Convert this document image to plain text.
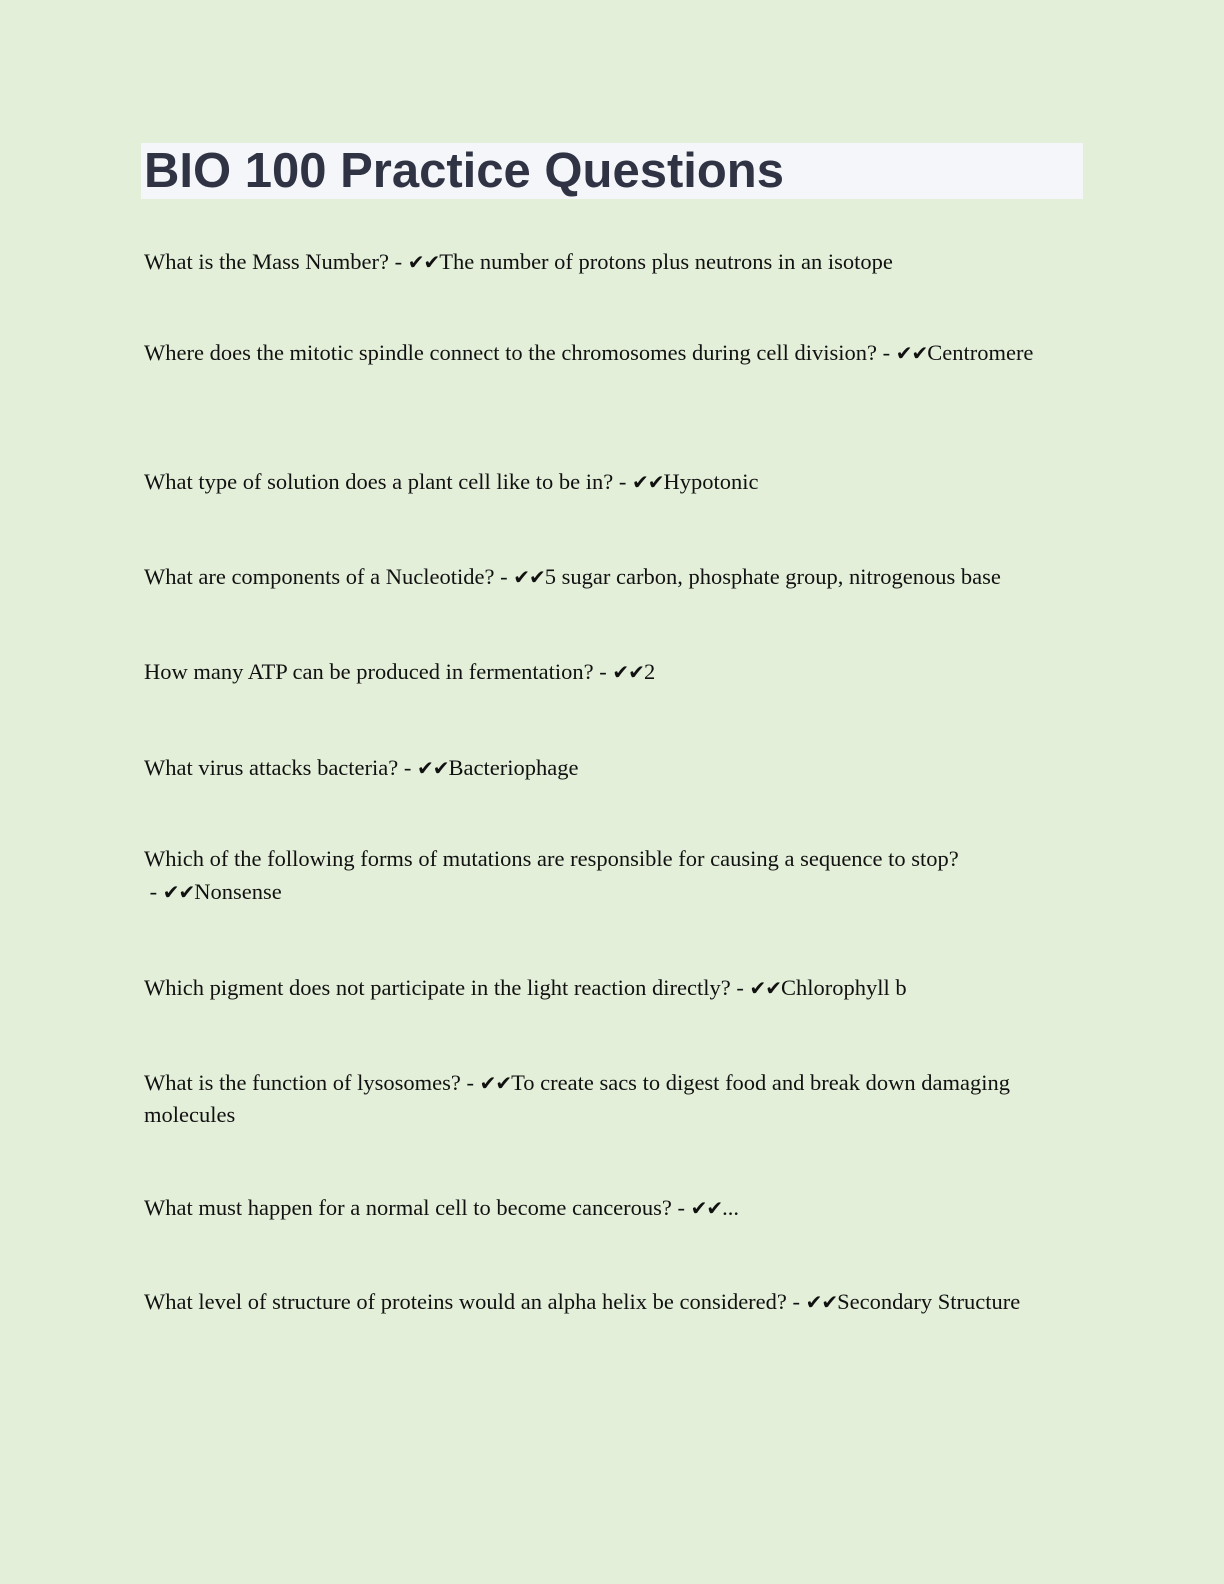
BIO 100 Practice Questions

What is the Mass Number? - ✔✔The number of protons plus neutrons in an isotope

Where does the mitotic spindle connect to the chromosomes during cell division? - ✔✔Centromere

What type of solution does a plant cell like to be in? - ✔✔Hypotonic

What are components of a Nucleotide? - ✔✔5 sugar carbon, phosphate group, nitrogenous base

How many ATP can be produced in fermentation? - ✔✔2

What virus attacks bacteria? - ✔✔Bacteriophage

Which of the following forms of mutations are responsible for causing a sequence to stop? - ✔✔Nonsense

Which pigment does not participate in the light reaction directly? - ✔✔Chlorophyll b

What is the function of lysosomes? - ✔✔To create sacs to digest food and break down damaging molecules

What must happen for a normal cell to become cancerous? - ✔✔...

What level of structure of proteins would an alpha helix be considered? - ✔✔Secondary Structure
